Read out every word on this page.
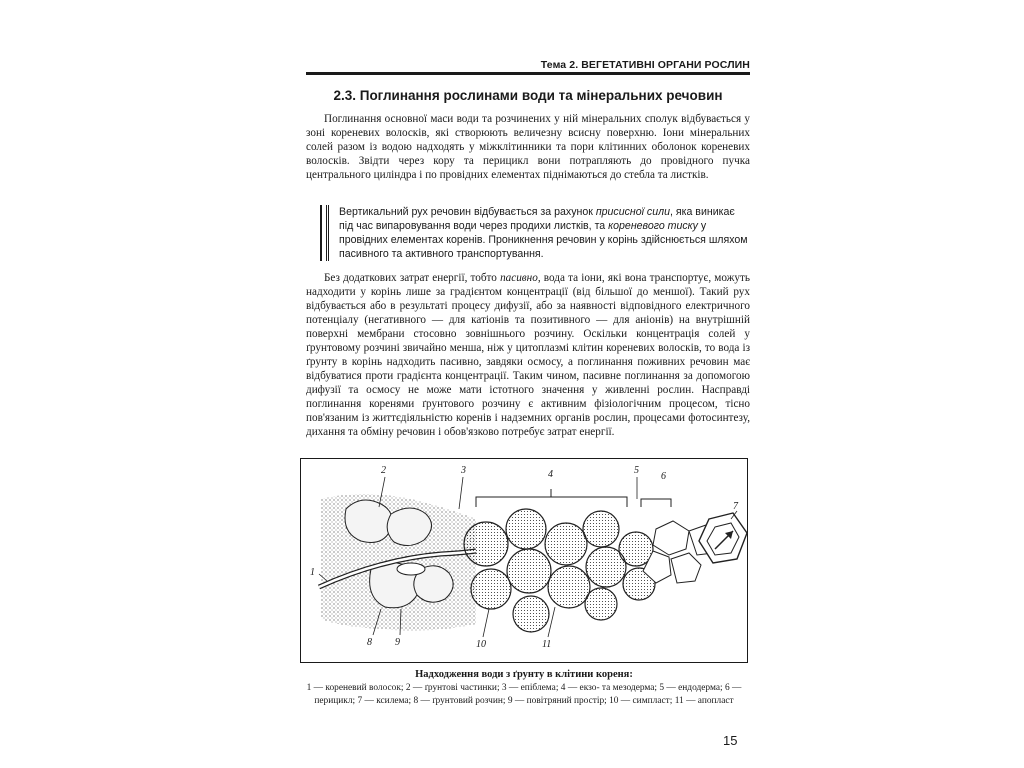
Тема 2. ВЕГЕТАТИВНІ ОРГАНИ РОСЛИН
2.3. Поглинання рослинами води та мінеральних речовин

Поглинання основної маси води та розчинених у ній мінеральних сполук відбувається у зоні кореневих волосків, які створюють величезну всисну поверхню. Іони мінеральних солей разом із водою надходять у міжклітинники та пори клітинних оболонок кореневих волосків. Звідти через кору та перицикл вони потрапляють до провідного пучка центрального циліндра і по провідних елементах піднімаються до стебла та листків.

Вертикальний рух речовин відбувається за рахунок присисної сили, яка виникає під час випаровування води через продихи листків, та кореневого тиску у провідних елементах коренів. Проникнення речовин у корінь здійснюється шляхом пасивного та активного транспортування.

Без додаткових затрат енергії, тобто пасивно, вода та іони, які вона транспортує, можуть надходити у корінь лише за градієнтом концентрації (від більшої до меншої). Такий рух відбувається або в результаті процесу дифузії, або за наявності відповідного електричного потенціалу (негативного — для катіонів та позитивного — для аніонів) на внутрішній поверхні мембрани стосовно зовнішнього розчину. Оскільки концентрація солей у ґрунтовому розчині звичайно менша, ніж у цитоплазмі клітин кореневих волосків, то вода із ґрунту в корінь надходить пасивно, завдяки осмосу, а поглинання поживних речовин має відбуватися проти градієнта концентрації. Таким чином, пасивне поглинання за допомогою дифузії та осмосу не може мати істотного значення у живленні рослин. Насправді поглинання коренями ґрунтового розчину є активним фізіологічним процесом, тісно пов'язаним із життєдіяльністю коренів і надземних органів рослин, процесами фотосинтезу, дихання та обміну речовин і обов'язково потребує затрат енергії.

2	3	4	5
6
7
1
8 9	10	11
Надходження води з ґрунту в клітини кореня:
1 — кореневий волосок; 2 — ґрунтові частинки; 3 — епіблема; 4 — екзо- та мезодерма; 5 — ендодерма; 6 — перицикл; 7 — ксилема; 8 — ґрунтовий розчин; 9 — повітряний простір; 10 — симпласт; 11 — апопласт
15
